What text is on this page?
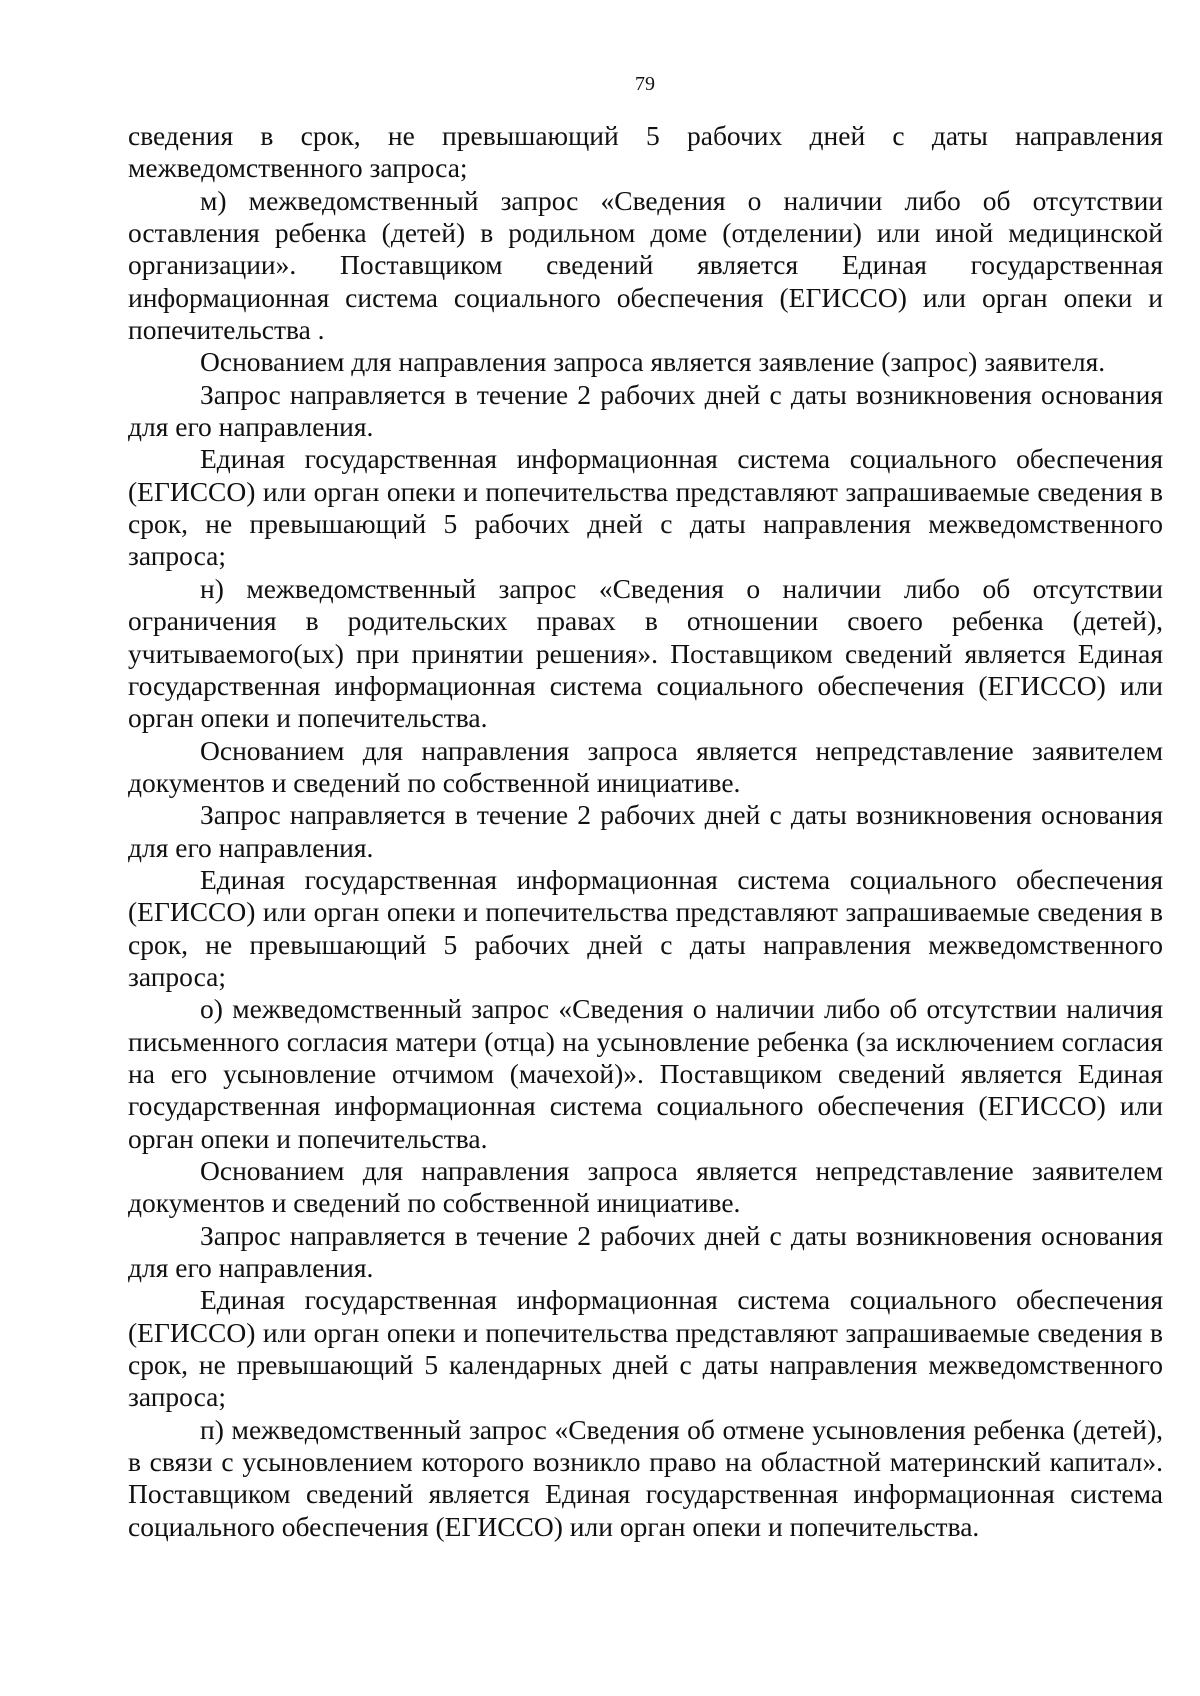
79

сведения в срок, не превышающий 5 рабочих дней с даты направления межведомственного запроса;

м) межведомственный запрос «Сведения о наличии либо об отсутствии оставления ребенка (детей) в родильном доме (отделении) или иной медицинской организации». Поставщиком сведений является Единая государственная информационная система социального обеспечения (ЕГИССО) или орган опеки и попечительства .

Основанием для направления запроса является заявление (запрос) заявителя.

Запрос направляется в течение 2 рабочих дней с даты возникновения основания для его направления.

Единая государственная информационная система социального обеспечения (ЕГИССО) или орган опеки и попечительства представляют запрашиваемые сведения в срок, не превышающий 5 рабочих дней с даты направления межведомственного запроса;

н) межведомственный запрос «Сведения о наличии либо об отсутствии ограничения в родительских правах в отношении своего ребенка (детей), учитываемого(ых) при принятии решения». Поставщиком сведений является Единая государственная информационная система социального обеспечения (ЕГИССО) или орган опеки и попечительства.

Основанием для направления запроса является непредставление заявителем документов и сведений по собственной инициативе.

Запрос направляется в течение 2 рабочих дней с даты возникновения основания для его направления.

Единая государственная информационная система социального обеспечения (ЕГИССО) или орган опеки и попечительства представляют запрашиваемые сведения в срок, не превышающий 5 рабочих дней с даты направления межведомственного запроса;

о) межведомственный запрос «Сведения о наличии либо об отсутствии наличия письменного согласия матери (отца) на усыновление ребенка (за исключением согласия на его усыновление отчимом (мачехой)». Поставщиком сведений является Единая государственная информационная система социального обеспечения (ЕГИССО) или орган опеки и попечительства.

Основанием для направления запроса является непредставление заявителем документов и сведений по собственной инициативе.

Запрос направляется в течение 2 рабочих дней с даты возникновения основания для его направления.

Единая государственная информационная система социального обеспечения (ЕГИССО) или орган опеки и попечительства представляют запрашиваемые сведения в срок, не превышающий 5 календарных дней с даты направления межведомственного запроса;

п) межведомственный запрос «Сведения об отмене усыновления ребенка (детей), в связи с усыновлением которого возникло право на областной материнский капитал». Поставщиком сведений является Единая государственная информационная система социального обеспечения (ЕГИССО) или орган опеки и попечительства.
